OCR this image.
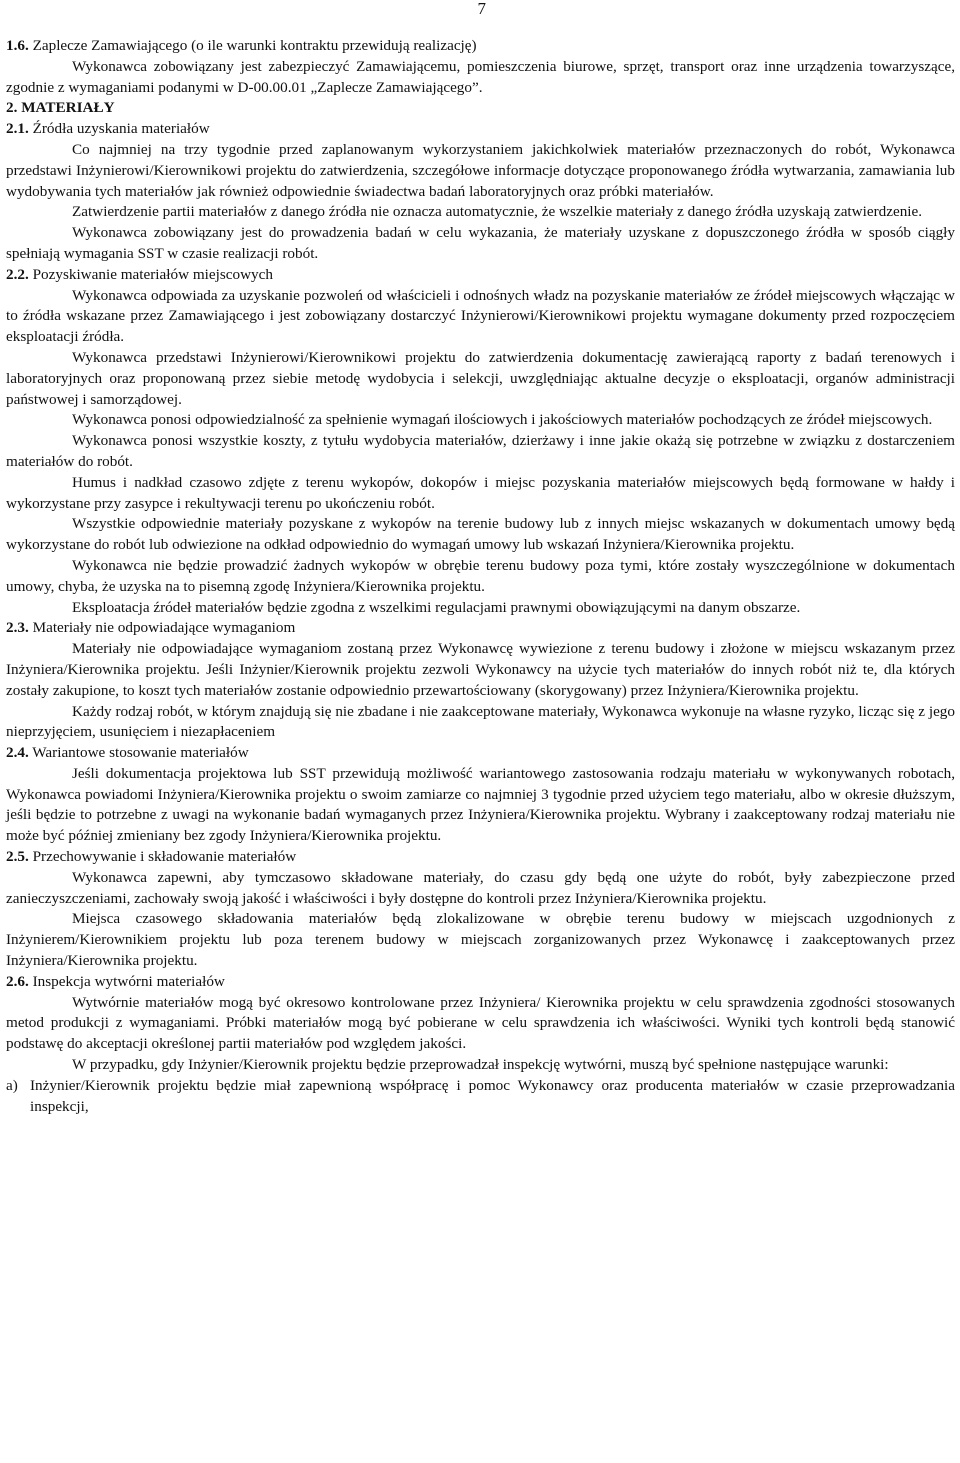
7

1.6. Zaplecze Zamawiającego (o ile warunki kontraktu przewidują realizację)

Wykonawca zobowiązany jest zabezpieczyć Zamawiającemu, pomieszczenia biurowe, sprzęt, transport oraz inne urządzenia towarzyszące, zgodnie z wymaganiami podanymi w D-00.00.01 „Zaplecze Zamawiającego”.

2. MATERIAŁY

2.1. Źródła uzyskania materiałów

Co najmniej na trzy tygodnie przed zaplanowanym wykorzystaniem jakichkolwiek materiałów przeznaczonych do robót, Wykonawca przedstawi Inżynierowi/Kierownikowi projektu do zatwierdzenia, szczegółowe informacje dotyczące proponowanego źródła wytwarzania, zamawiania lub wydobywania tych materiałów jak również odpowiednie świadectwa badań laboratoryjnych oraz próbki materiałów.

Zatwierdzenie partii materiałów z danego źródła nie oznacza automatycznie, że wszelkie materiały z danego źródła uzyskają zatwierdzenie.

Wykonawca zobowiązany jest do prowadzenia badań w celu wykazania, że materiały uzyskane z dopuszczonego źródła w sposób ciągły spełniają wymagania SST w czasie realizacji robót.

2.2. Pozyskiwanie materiałów miejscowych

Wykonawca odpowiada za uzyskanie pozwoleń od właścicieli i odnośnych władz na pozyskanie materiałów ze źródeł miejscowych włączając w to źródła wskazane przez Zamawiającego i jest zobowiązany dostarczyć Inżynierowi/Kierownikowi projektu wymagane dokumenty przed rozpoczęciem eksploatacji źródła.

Wykonawca przedstawi Inżynierowi/Kierownikowi projektu do zatwierdzenia dokumentację zawierającą raporty z badań terenowych i laboratoryjnych oraz proponowaną przez siebie metodę wydobycia i selekcji, uwzględniając aktualne decyzje o eksploatacji, organów administracji państwowej i samorządowej.

Wykonawca ponosi odpowiedzialność za spełnienie wymagań ilościowych i jakościowych materiałów pochodzących ze źródeł miejscowych.

Wykonawca ponosi wszystkie koszty, z tytułu wydobycia materiałów, dzierżawy i inne jakie okażą się potrzebne w związku z dostarczeniem materiałów do robót.

Humus i nadkład czasowo zdjęte z terenu wykopów, dokopów i miejsc pozyskania materiałów miejscowych będą formowane w hałdy i wykorzystane przy zasypce i rekultywacji terenu po ukończeniu robót.

Wszystkie odpowiednie materiały pozyskane z wykopów na terenie budowy lub z innych miejsc wskazanych w dokumentach umowy będą wykorzystane do robót lub odwiezione na odkład odpowiednio do wymagań umowy lub wskazań Inżyniera/Kierownika projektu.

Wykonawca nie będzie prowadzić żadnych wykopów w obrębie terenu budowy poza tymi, które zostały wyszczególnione w dokumentach umowy, chyba, że uzyska na to pisemną zgodę Inżyniera/Kierownika projektu.

Eksploatacja źródeł materiałów będzie zgodna z wszelkimi regulacjami prawnymi obowiązującymi na danym obszarze.

2.3. Materiały nie odpowiadające wymaganiom

Materiały nie odpowiadające wymaganiom zostaną przez Wykonawcę wywiezione z terenu budowy i złożone w miejscu wskazanym przez Inżyniera/Kierownika projektu. Jeśli Inżynier/Kierownik projektu zezwoli Wykonawcy na użycie tych materiałów do innych robót niż te, dla których zostały zakupione, to koszt tych materiałów zostanie odpowiednio przewartościowany (skorygowany) przez Inżyniera/Kierownika projektu.

Każdy rodzaj robót, w którym znajdują się nie zbadane i nie zaakceptowane materiały, Wykonawca wykonuje na własne ryzyko, licząc się z jego nieprzyjęciem, usunięciem i niezapłaceniem

2.4. Wariantowe stosowanie materiałów

Jeśli dokumentacja projektowa lub SST przewidują możliwość wariantowego zastosowania rodzaju materiału w wykonywanych robotach, Wykonawca powiadomi Inżyniera/Kierownika projektu o swoim zamiarze co najmniej 3 tygodnie przed użyciem tego materiału, albo w okresie dłuższym, jeśli będzie to potrzebne z uwagi na wykonanie badań wymaganych przez Inżyniera/Kierownika projektu. Wybrany i zaakceptowany rodzaj materiału nie może być później zmieniany bez zgody Inżyniera/Kierownika projektu.

2.5. Przechowywanie i składowanie materiałów

Wykonawca zapewni, aby tymczasowo składowane materiały, do czasu gdy będą one użyte do robót, były zabezpieczone przed zanieczyszczeniami, zachowały swoją jakość i właściwości i były dostępne do kontroli przez Inżyniera/Kierownika projektu.

Miejsca czasowego składowania materiałów będą zlokalizowane w obrębie terenu budowy w miejscach uzgodnionych z Inżynierem/Kierownikiem projektu lub poza terenem budowy w miejscach zorganizowanych przez Wykonawcę i zaakceptowanych przez Inżyniera/Kierownika projektu.

2.6. Inspekcja wytwórni materiałów

Wytwórnie materiałów mogą być okresowo kontrolowane przez Inżyniera/ Kierownika projektu w celu sprawdzenia zgodności stosowanych metod produkcji z wymaganiami. Próbki materiałów mogą być pobierane w celu sprawdzenia ich właściwości. Wyniki tych kontroli będą stanowić podstawę do akceptacji określonej partii materiałów pod względem jakości.

W przypadku, gdy Inżynier/Kierownik projektu będzie przeprowadzał inspekcję wytwórni, muszą być spełnione następujące warunki:

a) Inżynier/Kierownik projektu będzie miał zapewnioną współpracę i pomoc Wykonawcy oraz producenta materiałów w czasie przeprowadzania inspekcji,
